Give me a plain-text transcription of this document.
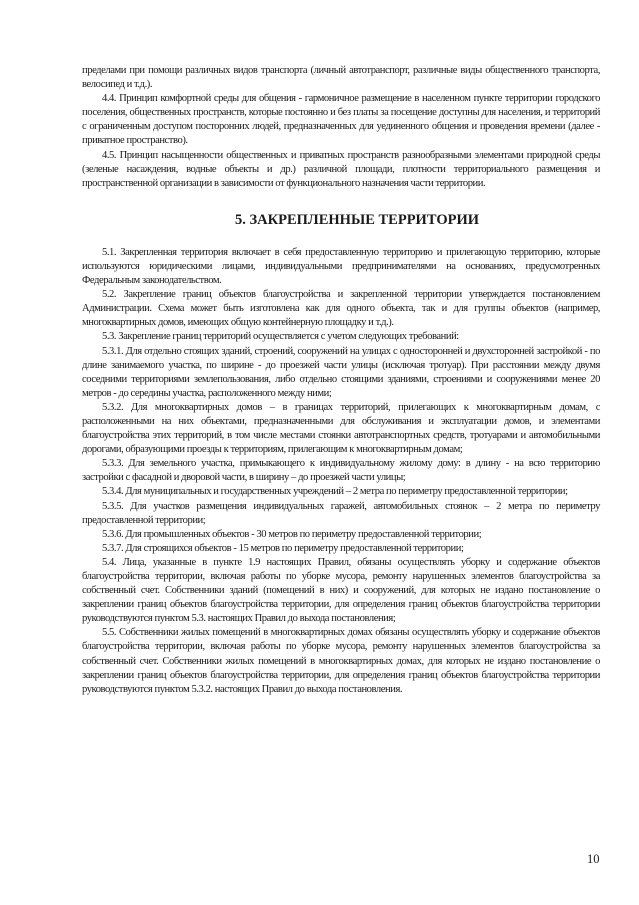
пределами при помощи различных видов транспорта (личный автотранспорт, различные виды общественного транспорта, велосипед и т.д.).

4.4. Принцип комфортной среды для общения - гармоничное размещение в населенном пункте территории городского поселения, общественных пространств, которые постоянно и без платы за посещение доступны для населения, и территорий с ограниченным доступом посторонних людей, предназначенных для уединенного общения и проведения времени (далее - приватное пространство).

4.5. Принцип насыщенности общественных и приватных пространств разнообразными элементами природной среды (зеленые насаждения, водные объекты и др.) различной площади, плотности территориального размещения и пространственной организации в зависимости от функционального назначения части территории.

5. ЗАКРЕПЛЕННЫЕ ТЕРРИТОРИИ

5.1. Закрепленная территория включает в себя предоставленную территорию и прилегающую территорию, которые используются юридическими лицами, индивидуальными предпринимателями на основаниях, предусмотренных Федеральным законодательством.

5.2. Закрепление границ объектов благоустройства и закрепленной территории утверждается постановлением Администрации. Схема может быть изготовлена как для одного объекта, так и для группы объектов (например, многоквартирных домов, имеющих общую контейнерную площадку и т.д.).

5.3. Закрепление границ территорий осуществляется с учетом следующих требований:

5.3.1. Для отдельно стоящих зданий, строений, сооружений на улицах с односторонней и двухсторонней застройкой - по длине занимаемого участка, по ширине - до проезжей части улицы (исключая тротуар). При расстоянии между двумя соседними территориями землепользования, либо отдельно стоящими зданиями, строениями и сооружениями менее 20 метров - до середины участка, расположенного между ними;

5.3.2. Для многоквартирных домов – в границах территорий, прилегающих к многоквартирным домам, с расположенными на них объектами, предназначенными для обслуживания и эксплуатации домов, и элементами благоустройства этих территорий, в том числе местами стоянки автотранспортных средств, тротуарами и автомобильными дорогами, образующими проезды к территориям, прилегающим к многоквартирным домам;

5.3.3. Для земельного участка, примыкающего к индивидуальному жилому дому: в длину - на всю территорию застройки с фасадной и дворовой части, в ширину – до проезжей части улицы;

5.3.4. Для муниципальных и государственных учреждений – 2 метра по периметру предоставленной территории;

5.3.5. Для участков размещения индивидуальных гаражей, автомобильных стоянок – 2 метра по периметру предоставленной территории;

5.3.6. Для промышленных объектов - 30 метров по периметру предоставленной территории;

5.3.7. Для строящихся объектов - 15 метров по периметру предоставленной территории;

5.4. Лица, указанные в пункте 1.9 настоящих Правил, обязаны осуществлять уборку и содержание объектов благоустройства территории, включая работы по уборке мусора, ремонту нарушенных элементов благоустройства за собственный счет. Собственники зданий (помещений в них) и сооружений, для которых не издано постановление о закреплении границ объектов благоустройства территории, для определения границ объектов благоустройства территории руководствуются пунктом 5.3. настоящих Правил до выхода постановления;

5.5. Собственники жилых помещений в многоквартирных домах обязаны осуществлять уборку и содержание объектов благоустройства территории, включая работы по уборке мусора, ремонту нарушенных элементов благоустройства за собственный счет. Собственники жилых помещений в многоквартирных домах, для которых не издано постановление о закреплении границ объектов благоустройства территории, для определения границ объектов благоустройства территории руководствуются пунктом 5.3.2. настоящих Правил до выхода постановления.

10
